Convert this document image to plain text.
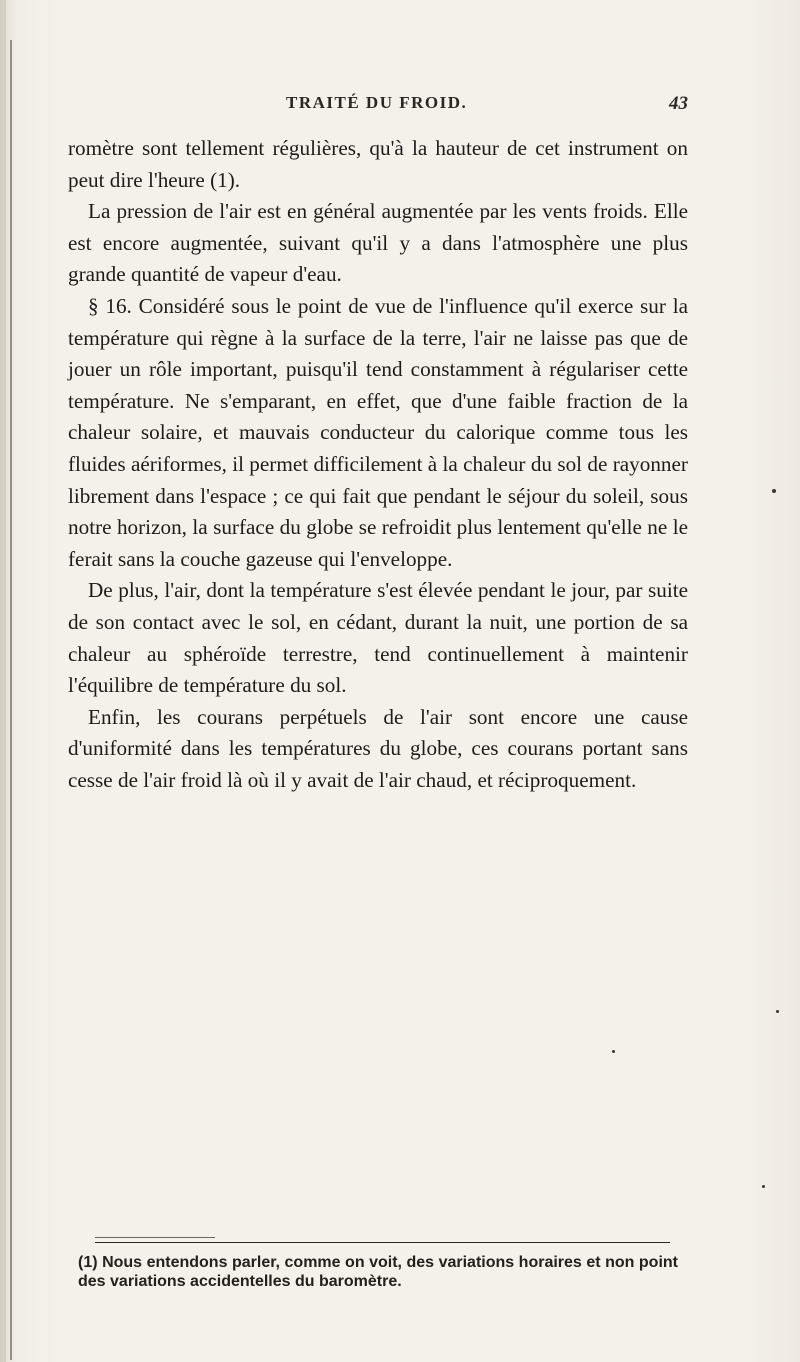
TRAITÉ DU FROID.	43

romètre sont tellement régulières, qu'à la hauteur de cet instrument on peut dire l'heure (1).

La pression de l'air est en général augmentée par les vents froids. Elle est encore augmentée, suivant qu'il y a dans l'atmosphère une plus grande quantité de vapeur d'eau.

§ 16. Considéré sous le point de vue de l'influence qu'il exerce sur la température qui règne à la surface de la terre, l'air ne laisse pas que de jouer un rôle important, puisqu'il tend constamment à régulariser cette température. Ne s'emparant, en effet, que d'une faible fraction de la chaleur solaire, et mauvais conducteur du calorique comme tous les fluides aériformes, il permet difficilement à la chaleur du sol de rayonner librement dans l'espace ; ce qui fait que pendant le séjour du soleil, sous notre horizon, la surface du globe se refroidit plus lentement qu'elle ne le ferait sans la couche gazeuse qui l'enveloppe.

De plus, l'air, dont la température s'est élevée pendant le jour, par suite de son contact avec le sol, en cédant, durant la nuit, une portion de sa chaleur au sphéroïde terrestre, tend continuellement à maintenir l'équilibre de température du sol.

Enfin, les courans perpétuels de l'air sont encore une cause d'uniformité dans les températures du globe, ces courans portant sans cesse de l'air froid là où il y avait de l'air chaud, et réciproquement.

(1) Nous entendons parler, comme on voit, des variations horaires et non point des variations accidentelles du baromètre.
